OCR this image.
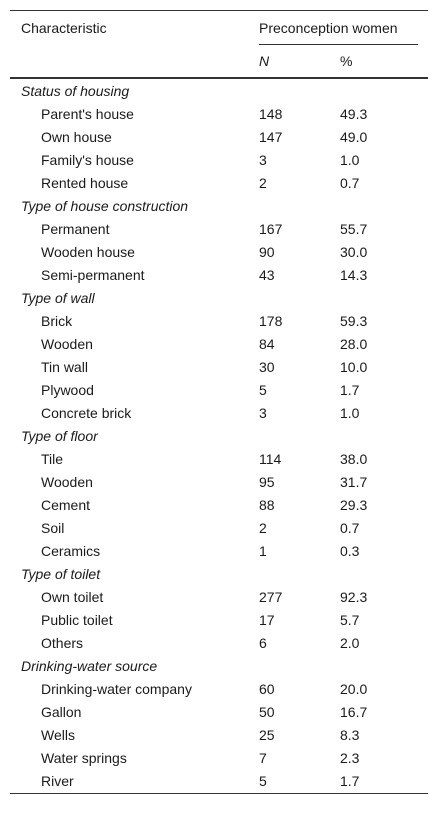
Characteristic	Preconception women	
	N	%
Status of housing		
Parent's house	148	49.3
Own house	147	49.0
Family's house	3	1.0
Rented house	2	0.7
Type of house construction		
Permanent	167	55.7
Wooden house	90	30.0
Semi-permanent	43	14.3
Type of wall		
Brick	178	59.3
Wooden	84	28.0
Tin wall	30	10.0
Plywood	5	1.7
Concrete brick	3	1.0
Type of floor		
Tile	114	38.0
Wooden	95	31.7
Cement	88	29.3
Soil	2	0.7
Ceramics	1	0.3
Type of toilet		
Own toilet	277	92.3
Public toilet	17	5.7
Others	6	2.0
Drinking-water source		
Drinking-water company	60	20.0
Gallon	50	16.7
Wells	25	8.3
Water springs	7	2.3
River	5	1.7
